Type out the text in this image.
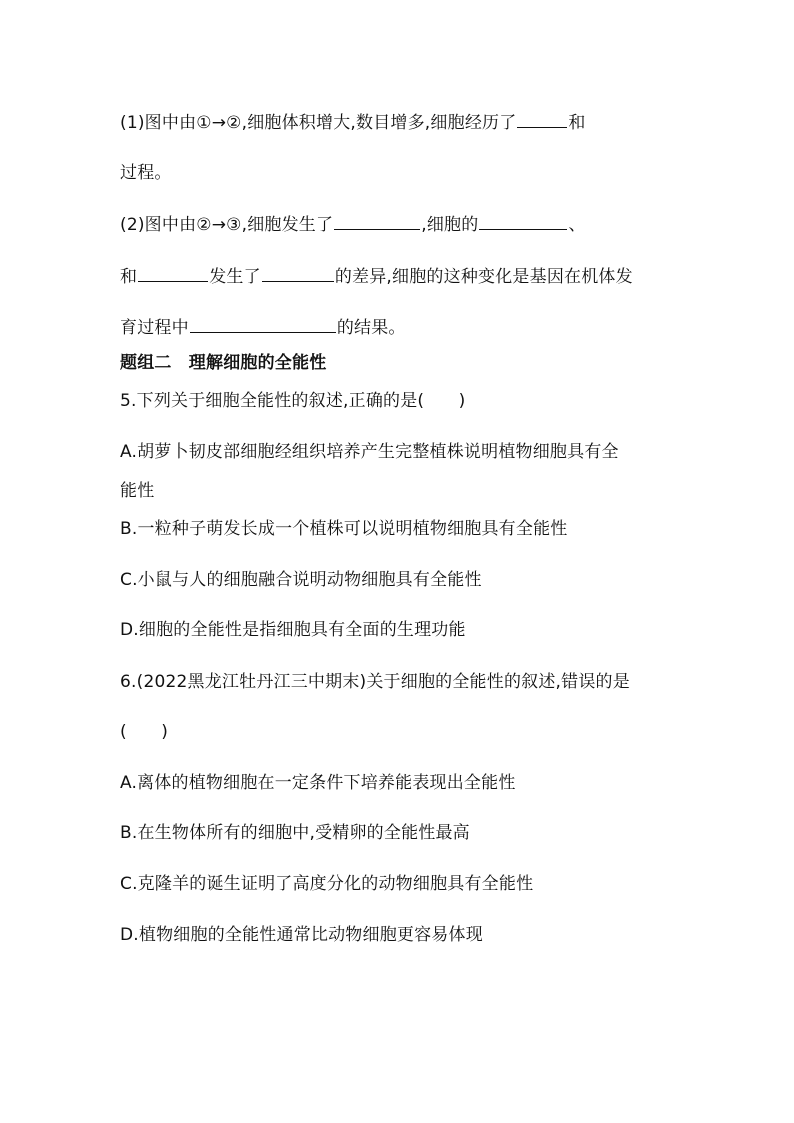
(1)图中由①→②,细胞体积增大,数目增多,细胞经历了	和
过程。
(2)图中由②→③,细胞发生了	,细胞的	、
和	发生了	的差异,细胞的这种变化是基因在机体发
育过程中	的结果。
题组二　理解细胞的全能性
5.下列关于细胞全能性的叙述,正确的是(　　)
A.胡萝卜韧皮部细胞经组织培养产生完整植株说明植物细胞具有全
能性
B.一粒种子萌发长成一个植株可以说明植物细胞具有全能性
C.小鼠与人的细胞融合说明动物细胞具有全能性
D.细胞的全能性是指细胞具有全面的生理功能
6.(2022黑龙江牡丹江三中期末)关于细胞的全能性的叙述,错误的是
(　　)
A.离体的植物细胞在一定条件下培养能表现出全能性
B.在生物体所有的细胞中,受精卵的全能性最高
C.克隆羊的诞生证明了高度分化的动物细胞具有全能性
D.植物细胞的全能性通常比动物细胞更容易体现
